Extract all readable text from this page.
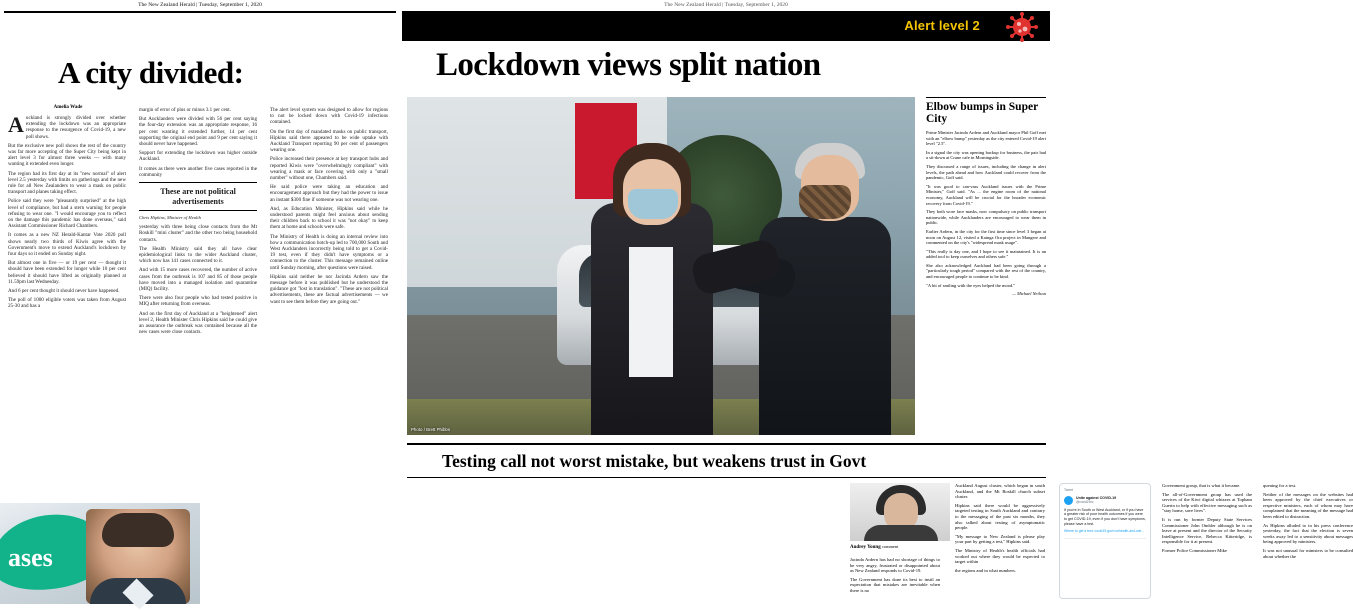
The New Zealand Herald | Tuesday, September 1, 2020	The New Zealand Herald | Tuesday, September 1, 2020
A city divided:
Amelia Wade

Auckland is strongly divided over whether extending the lockdown was an appropriate response to the resurgence of Covid-19, a new poll shows.

But the exclusive new poll shows the rest of the country was far more accepting of the Super City being kept in alert level 3 for almost three weeks — with many wanting it extended even longer.

The region had its first day at its "new normal" of alert level 2.5 yesterday with limits on gatherings and the new rule for all New Zealanders to wear a mask on public transport and planes taking effect.

Police said they were "pleasantly surprised" at the high level of compliance, but had a stern warning for people refusing to wear one. "I would encourage you to reflect on the damage this pandemic has done overseas," said Assistant Commissioner Richard Chambers.

It comes as a new NZ Herald-Kantar Vote 2020 poll shows nearly two thirds of Kiwis agree with the Government's move to extend Auckland's lockdown by four days so it ended on Sunday night.

But almost one in five — or 19 per cent — thought it should have been extended for longer while 10 per cent believed it should have lifted as originally planned at 11.59pm last Wednesday.

And 6 per cent thought it should never have happened.

The poll of 1000 eligible voters was taken from August 25-30 and has a

margin of error of plus or minus 3.1 per cent.

But Aucklanders were divided with 56 per cent saying the four-day extension was an appropriate response, 16 per cent wanting it extended further, 14 per cent supporting the original end point and 9 per cent saying it should never have happened.

Support for extending the lockdown was higher outside Auckland.

It comes as there were another five cases reported in the community

These are not political advertisements

Chris Hipkins, Minister of Health

yesterday with three being close contacts from the Mt Roskill "mini cluster" and the other two being household contacts.

The Health Ministry said they all have clear epidemiological links to the wider Auckland cluster, which now has 141 cases connected to it.

And with 15 more cases recovered, the number of active cases from the outbreak is 107 and 85 of those people have moved into a managed isolation and quarantine (MIQ) facility.

There were also four people who had tested positive in MIQ after returning from overseas.

And on the first day of Auckland at a "heightened" alert level 2, Health Minister Chris Hipkins said he could give an assurance the outbreak was contained because all the new cases were close contacts.

The alert level system was designed to allow for regions to not be locked down with Covid-19 infections contained.

On the first day of mandated masks on public transport, Hipkins said there appeared to be wide uptake with Auckland Transport reporting 90 per cent of passengers wearing one.

Police increased their presence at key transport hubs and reported Kiwis were "overwhelmingly compliant" with wearing a mask or face covering with only a "small number" without one, Chambers said.

He said police were taking an education and encouragement approach but they had the power to issue an instant $300 fine if someone was not wearing one.

And, as Education Minister, Hipkins said while he understood parents might feel anxious about sending their children back to school it was "not okay" to keep them at home and schools were safe.

The Ministry of Health is doing an internal review into how a communication botch-up led to 700,000 South and West Aucklanders incorrectly being told to get a Covid-19 test, even if they didn't have symptoms or a connection to the cluster. This message remained online until Sunday morning, after questions were raised.

Hipkins said neither he nor Jacinda Ardern saw the message before it was published but he understood the guidance got "lost in translation". "These are not political advertisements, these are factual advertisements — we want to see them before they are going out."

ases
Alert level 2
Lockdown views split nation
Photo / Brett Phibbs
Elbow bumps in Super City

Prime Minister Jacinda Ardern and Auckland mayor Phil Goff met with an "elbow bump" yesterday as the city entered Covid-19 alert level "2.5".

In a signal the city was opening backup for business, the pair had a sit-down at Crane cafe in Morningside.

They discussed a range of issues, including the change in alert levels, the path ahead and how Auckland could recover from the pandemic, Goff said.

"It was good to can-vass Auckland issues with the Prime Minister," Goff said. "As ... the engine room of the national economy, Auckland will be crucial for the broader economic recovery from Covid-19."

They both wore face masks, now compulsory on public transport nationwide, while Aucklanders are encouraged to wear them in public.

Earlier Ardern, in the city for the first time since level 3 began at noon on August 12, visited a Kainga Ora project in Mangere and commented on the city's "widespread mask usage".

"This really is day one, and I hope to see it maintained. It is an added tool to keep ourselves and others safe."

She also acknowledged Auckland had been going through a "particularly tough period" compared with the rest of the country, and encouraged people to continue to be kind.

"A bit of smiling with the eyes helped the mood."

— Michael Neilson

Testing call not worst mistake, but weakens trust in Govt
Audrey Young comment

Jacinda Ardern has had no shortage of things to be very angry, frustrated or disappointed about as New Zealand responds to Covid-19.

The Government has done its best to instil an expectation that mistakes are inevitable when there is no

Auckland August cluster, which began in south Auckland, and the Mt Roskill church subset cluster.

Hipkins said there would be aggressively targeted testing in South Auckland and contrary to the messaging of the past six months, they also talked about testing of asymptomatic people.

"My message to New Zealand is please play your part by getting a test," Hipkins said.

The Ministry of Health's health officials had worked out where they would be expected to target within

the regions and in what numbers.

Tweet
Unite against COVID-19
@covid19nz
If you're in South or West Auckland, or if you have a greater risk of poor health outcomes if you were to get COVID-19, even if you don't have symptoms, please have a test.
Where to get a test: covid19.govt.nz/health-and-wel...

Government group, that is what it became.

The all-of-Government group has used the services of the Kiwi digital whizzes at Topham Guerin to help with effective messaging such as "stay home, save lives".

It is run by former Deputy State Services Commissioner John Ombler although he is on leave at present and the director of the Security Intelligence Service, Rebecca Kitteridge, is responsible for it at present.

Former Police Commissioner Mike

queuing for a test.

Neither of the messages on the websites had been approved by the chief executives or respective ministers, each of whom may have complained that the meaning of the message had been edited to distraction.

As Hipkins alluded to in his press conference yesterday, the fact that the election is seven weeks away led to a sensitivity about messages being approved by ministers.

It was not unusual for ministers to be consulted about whether the
